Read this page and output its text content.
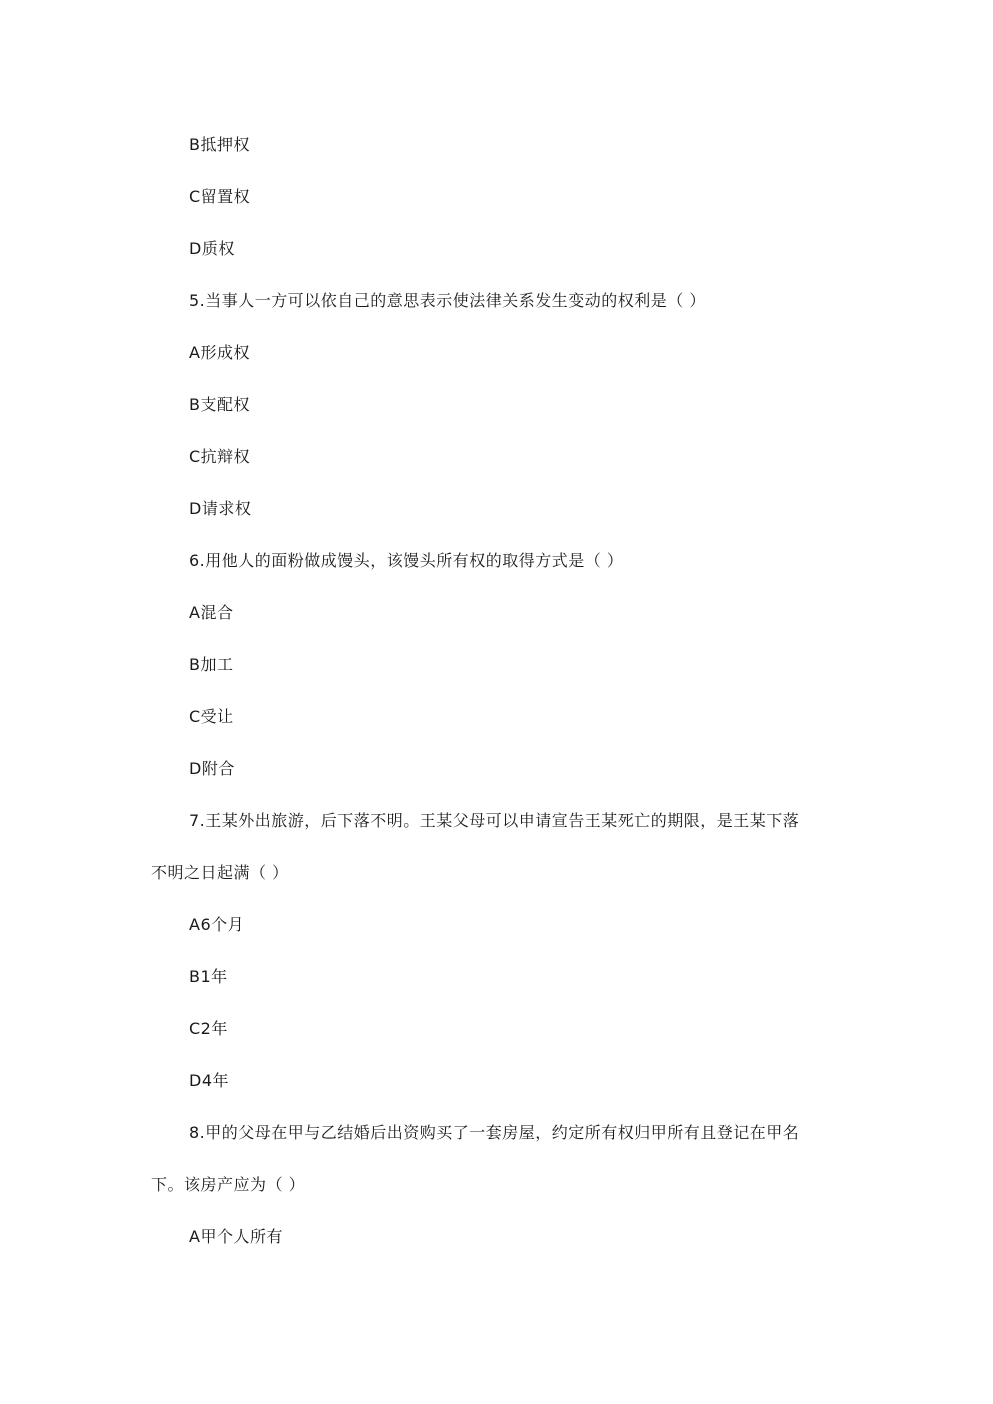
B抵押权
C留置权
D质权
5.当事人一方可以依自己的意思表示使法律关系发生变动的权利是（ ）
A形成权
B支配权
C抗辩权
D请求权
6.用他人的面粉做成馒头，该馒头所有权的取得方式是（ ）
A混合
B加工
C受让
D附合
7.王某外出旅游，后下落不明。王某父母可以申请宣告王某死亡的期限，是王某下落
不明之日起满（ ）
A6个月
B1年
C2年
D4年
8.甲的父母在甲与乙结婚后出资购买了一套房屋，约定所有权归甲所有且登记在甲名
下。该房产应为（ ）
A甲个人所有
